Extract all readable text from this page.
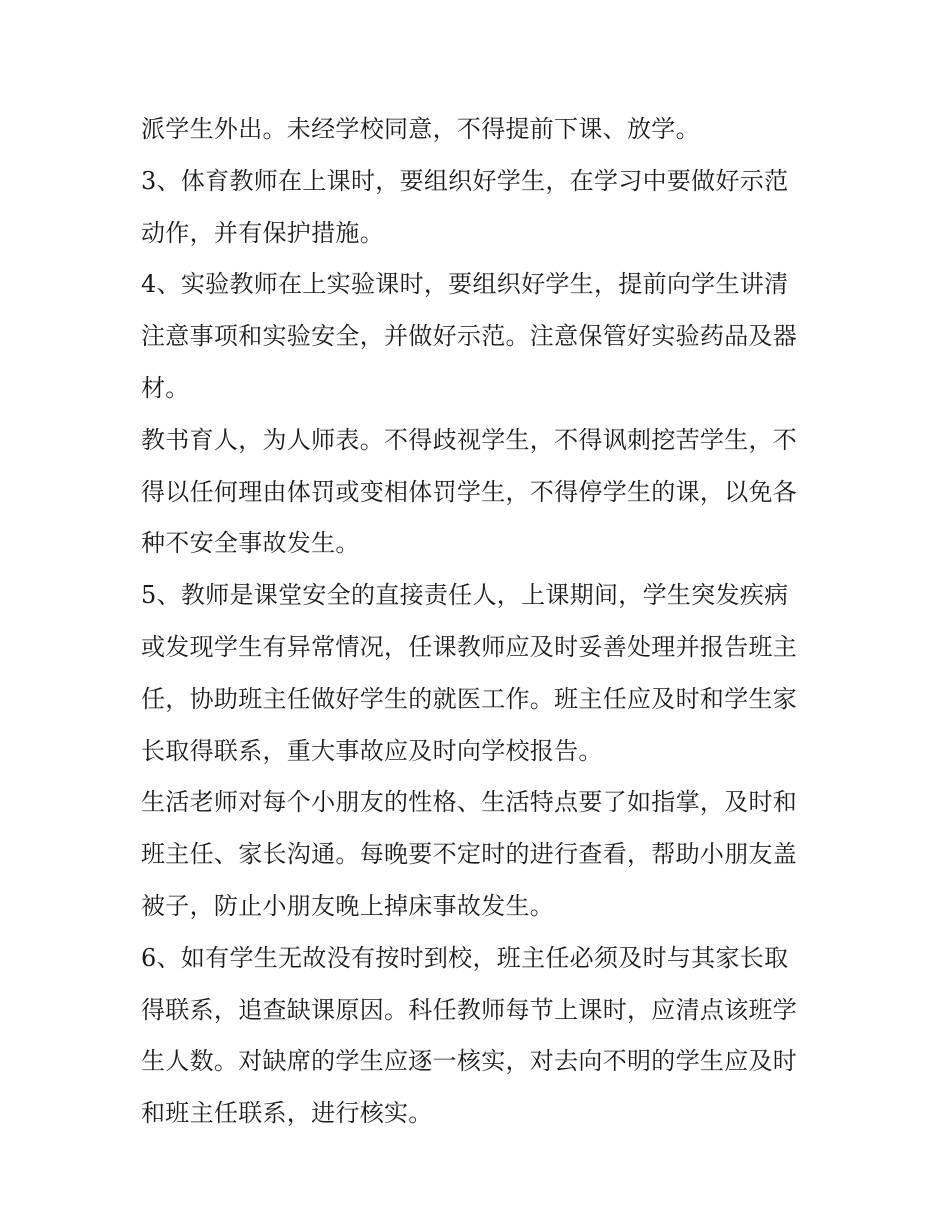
派学生外出。未经学校同意，不得提前下课、放学。
3、体育教师在上课时，要组织好学生，在学习中要做好示范
动作，并有保护措施。
4、实验教师在上实验课时，要组织好学生，提前向学生讲清
注意事项和实验安全，并做好示范。注意保管好实验药品及器
材。
教书育人，为人师表。不得歧视学生，不得讽刺挖苦学生，不
得以任何理由体罚或变相体罚学生，不得停学生的课，以免各
种不安全事故发生。
5、教师是课堂安全的直接责任人，上课期间，学生突发疾病
或发现学生有异常情况，任课教师应及时妥善处理并报告班主
任，协助班主任做好学生的就医工作。班主任应及时和学生家
长取得联系，重大事故应及时向学校报告。
生活老师对每个小朋友的性格、生活特点要了如指掌，及时和
班主任、家长沟通。每晚要不定时的进行查看，帮助小朋友盖
被子，防止小朋友晚上掉床事故发生。
6、如有学生无故没有按时到校，班主任必须及时与其家长取
得联系，追查缺课原因。科任教师每节上课时，应清点该班学
生人数。对缺席的学生应逐一核实，对去向不明的学生应及时
和班主任联系，进行核实。
